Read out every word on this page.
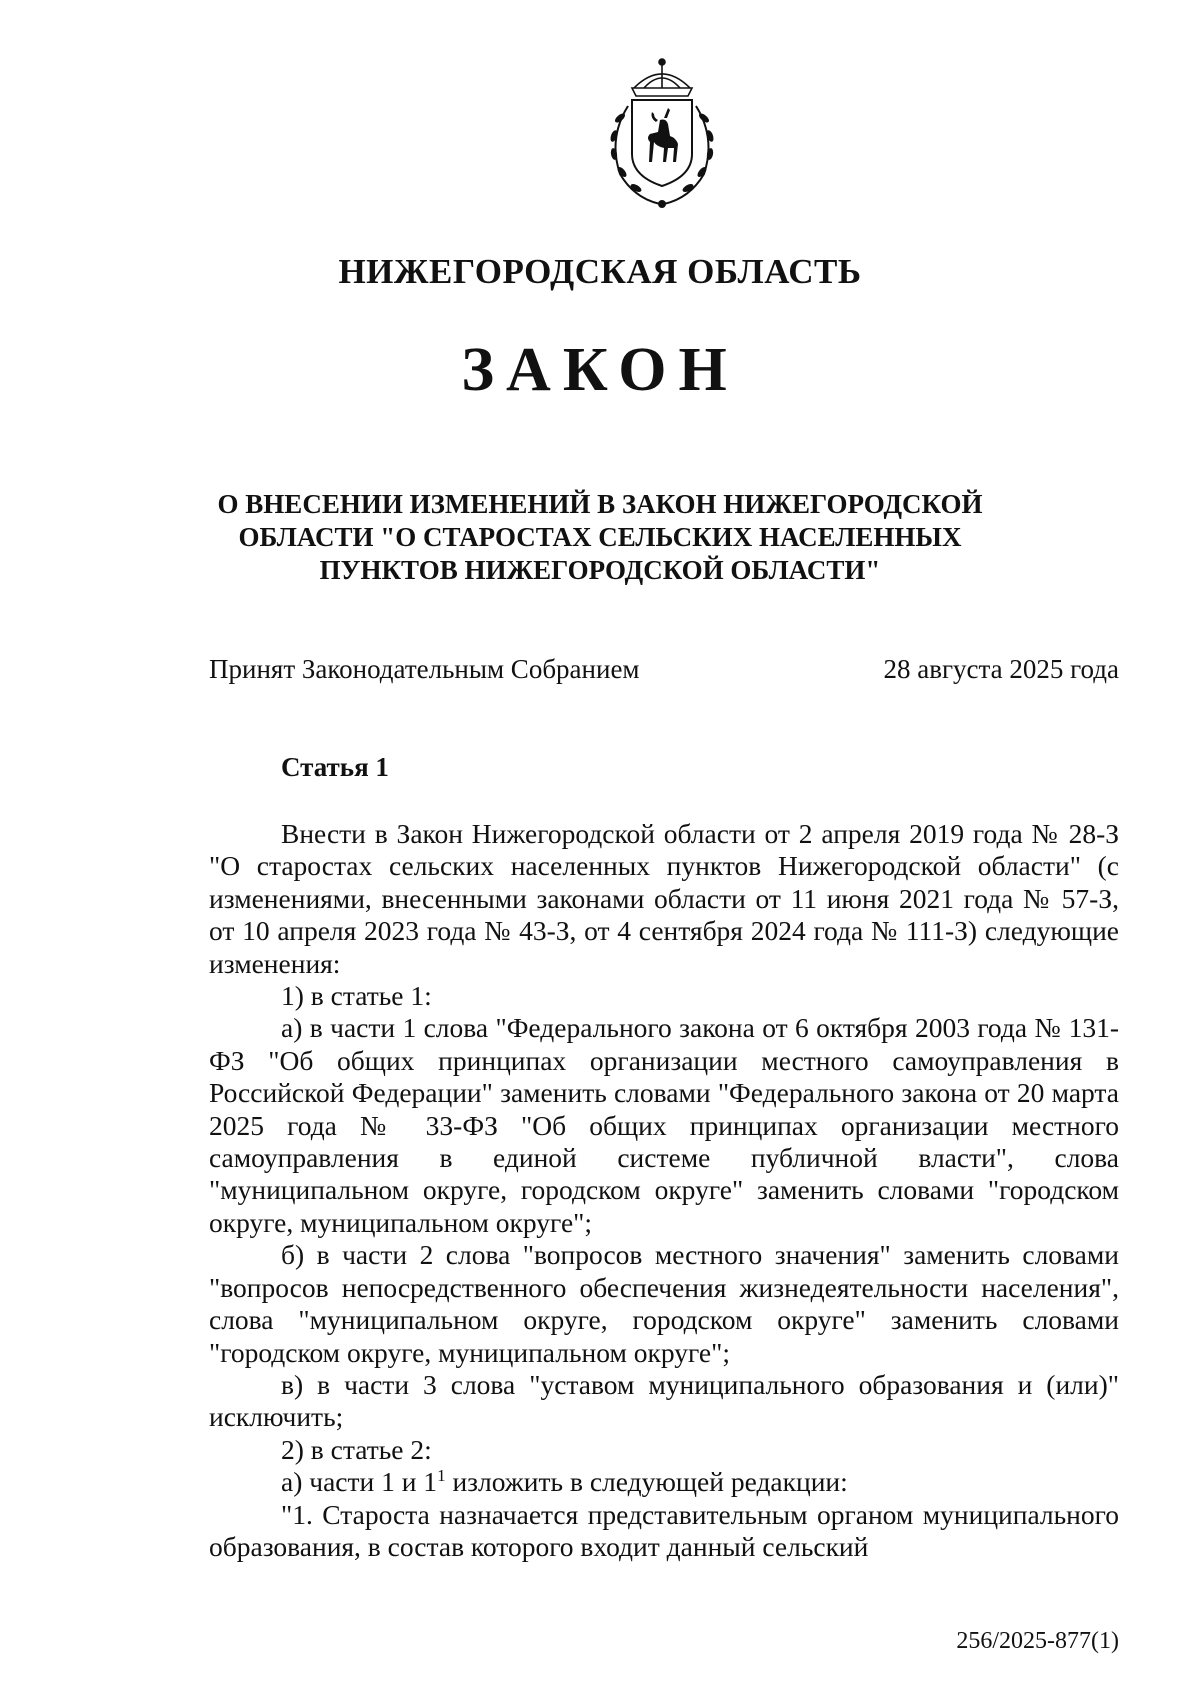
НИЖЕГОРОДСКАЯ ОБЛАСТЬ
ЗАКОН
О ВНЕСЕНИИ ИЗМЕНЕНИЙ В ЗАКОН НИЖЕГОРОДСКОЙ ОБЛАСТИ "О СТАРОСТАХ СЕЛЬСКИХ НАСЕЛЕННЫХ ПУНКТОВ НИЖЕГОРОДСКОЙ ОБЛАСТИ"
Принят Законодательным Собранием	28 августа 2025 года
Статья 1

Внести в Закон Нижегородской области от 2 апреля 2019 года № 28-З "О старостах сельских населенных пунктов Нижегородской области" (с изменениями, внесенными законами области от 11 июня 2021 года № 57-З, от 10 апреля 2023 года № 43-З, от 4 сентября 2024 года № 111-З) следующие изменения:

1) в статье 1:

а) в части 1 слова "Федерального закона от 6 октября 2003 года № 131-ФЗ "Об общих принципах организации местного самоуправления в Российской Федерации" заменить словами "Федерального закона от 20 марта 2025 года № 33-ФЗ "Об общих принципах организации местного самоуправления в единой системе публичной власти", слова "муниципальном округе, городском округе" заменить словами "городском округе, муниципальном округе";

б) в части 2 слова "вопросов местного значения" заменить словами "вопросов непосредственного обеспечения жизнедеятельности населения", слова "муниципальном округе, городском округе" заменить словами "городском округе, муниципальном округе";

в) в части 3 слова "уставом муниципального образования и (или)" исключить;

2) в статье 2:

а) части 1 и $1^1$ изложить в следующей редакции:

"1. Староста назначается представительным органом муниципального образования, в состав которого входит данный сельский

256/2025-877(1)
